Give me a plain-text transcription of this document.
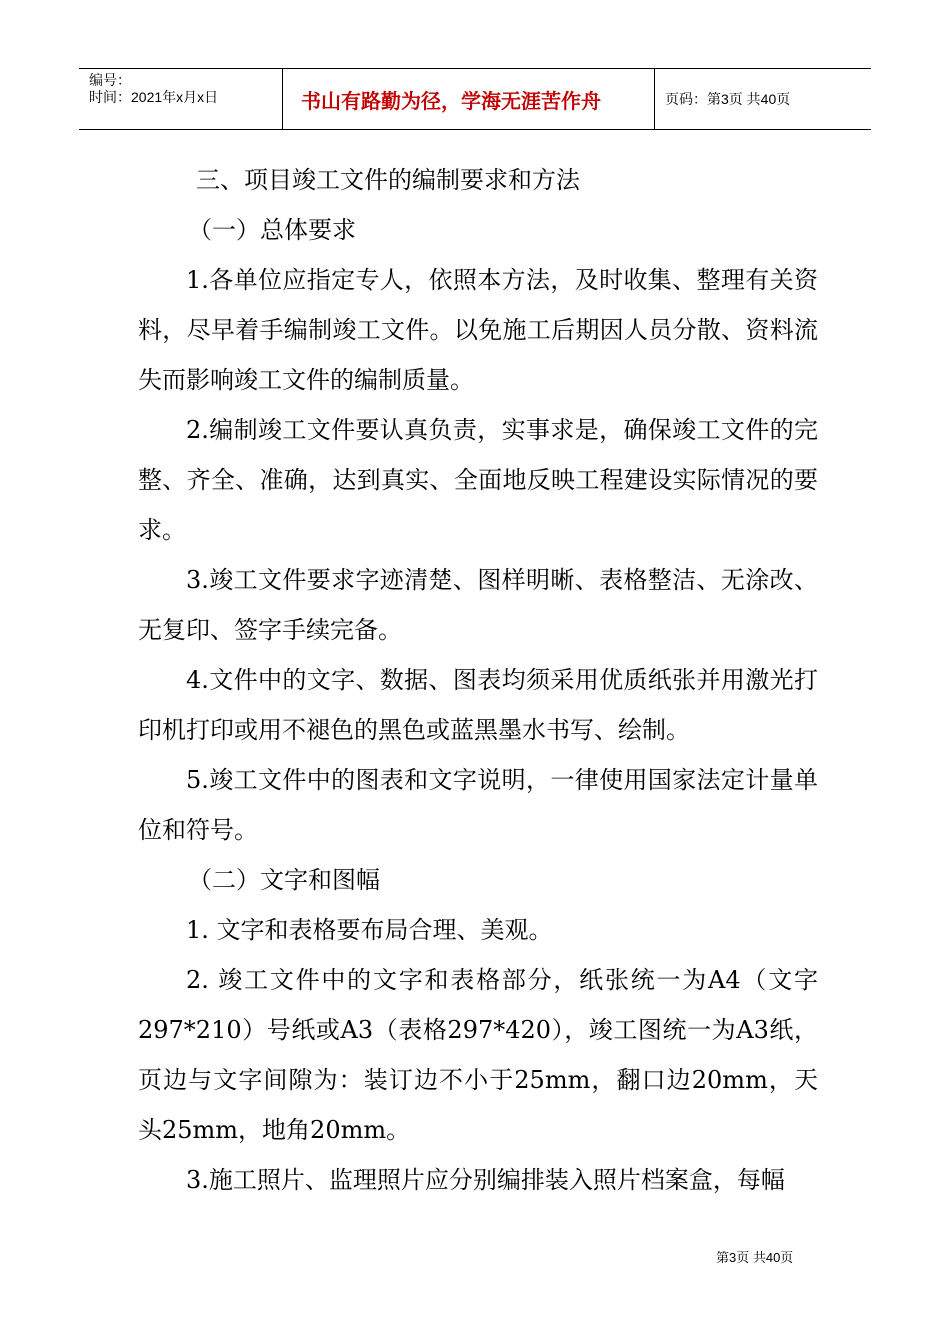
编号：
时间：2021年x月x日	书山有路勤为径，学海无涯苦作舟	页码：第3页 共40页

三、项目竣工文件的编制要求和方法

（一）总体要求

1.各单位应指定专人，依照本方法，及时收集、整理有关资料，尽早着手编制竣工文件。以免施工后期因人员分散、资料流失而影响竣工文件的编制质量。

2.编制竣工文件要认真负责，实事求是，确保竣工文件的完整、齐全、准确，达到真实、全面地反映工程建设实际情况的要求。

3.竣工文件要求字迹清楚、图样明晰、表格整洁、无涂改、无复印、签字手续完备。

4.文件中的文字、数据、图表均须采用优质纸张并用激光打印机打印或用不褪色的黑色或蓝黑墨水书写、绘制。

5.竣工文件中的图表和文字说明，一律使用国家法定计量单位和符号。

（二）文字和图幅

1. 文字和表格要布局合理、美观。

2. 竣工文件中的文字和表格部分，纸张统一为A4（文字297*210）号纸或A3（表格297*420），竣工图统一为A3纸，页边与文字间隙为：装订边不小于25mm，翻口边20mm，天头25mm，地角20mm。

3.施工照片、监理照片应分别编排装入照片档案盒，每幅

第3页 共40页
